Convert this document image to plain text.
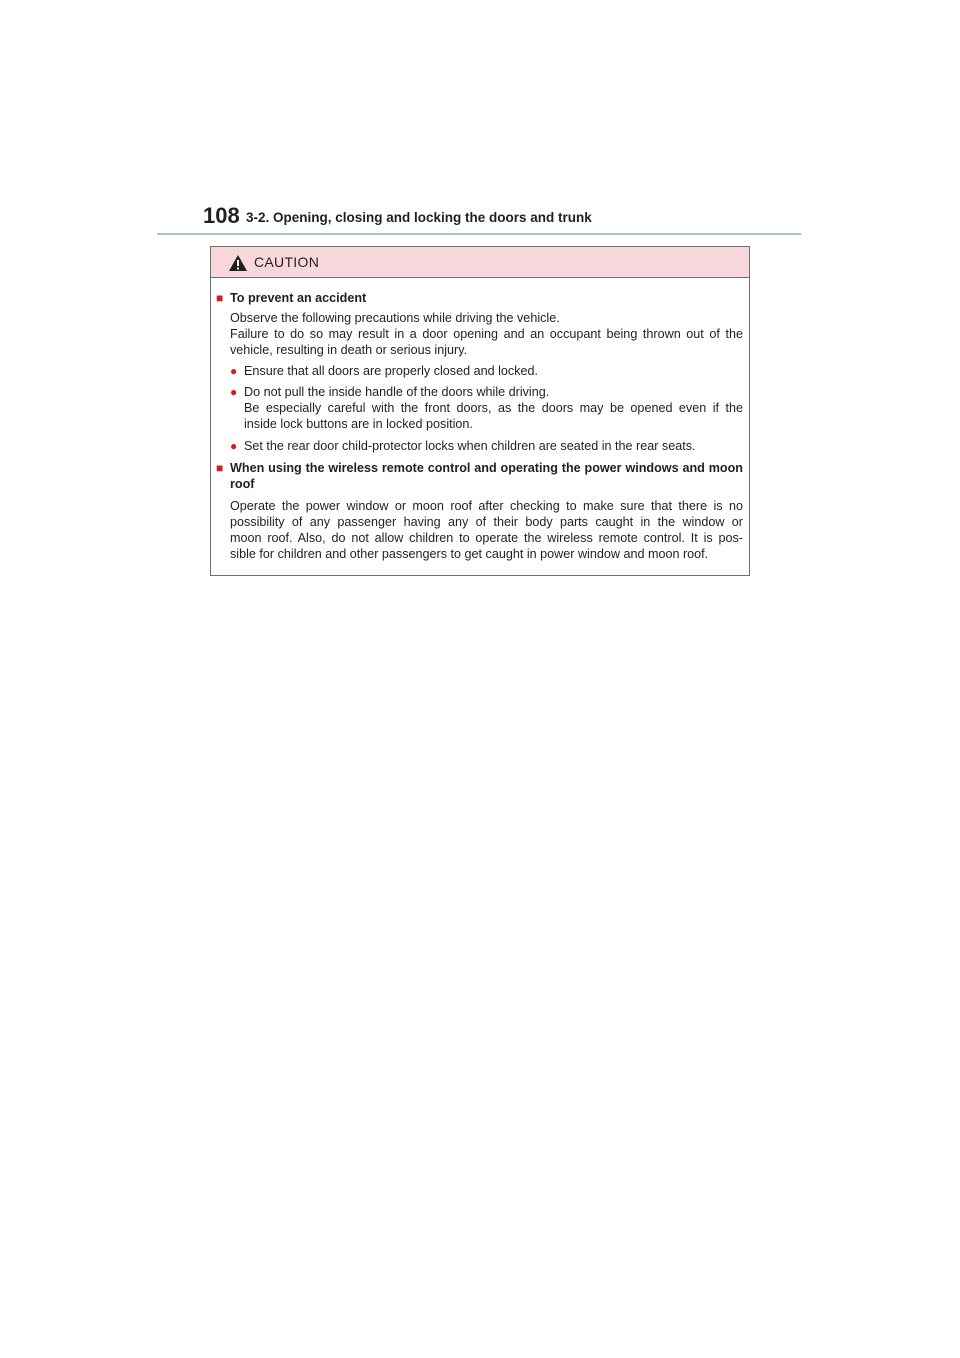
108 3-2. Opening, closing and locking the doors and trunk
CAUTION
■ To prevent an accident
Observe the following precautions while driving the vehicle.
Failure to do so may result in a door opening and an occupant being thrown out of the
vehicle, resulting in death or serious injury.
● Ensure that all doors are properly closed and locked.
● Do not pull the inside handle of the doors while driving.
Be especially careful with the front doors, as the doors may be opened even if the
inside lock buttons are in locked position.
● Set the rear door child-protector locks when children are seated in the rear seats.
■ When using the wireless remote control and operating the power windows and moon
roof
Operate the power window or moon roof after checking to make sure that there is no
possibility of any passenger having any of their body parts caught in the window or
moon roof. Also, do not allow children to operate the wireless remote control. It is pos-
sible for children and other passengers to get caught in power window and moon roof.
